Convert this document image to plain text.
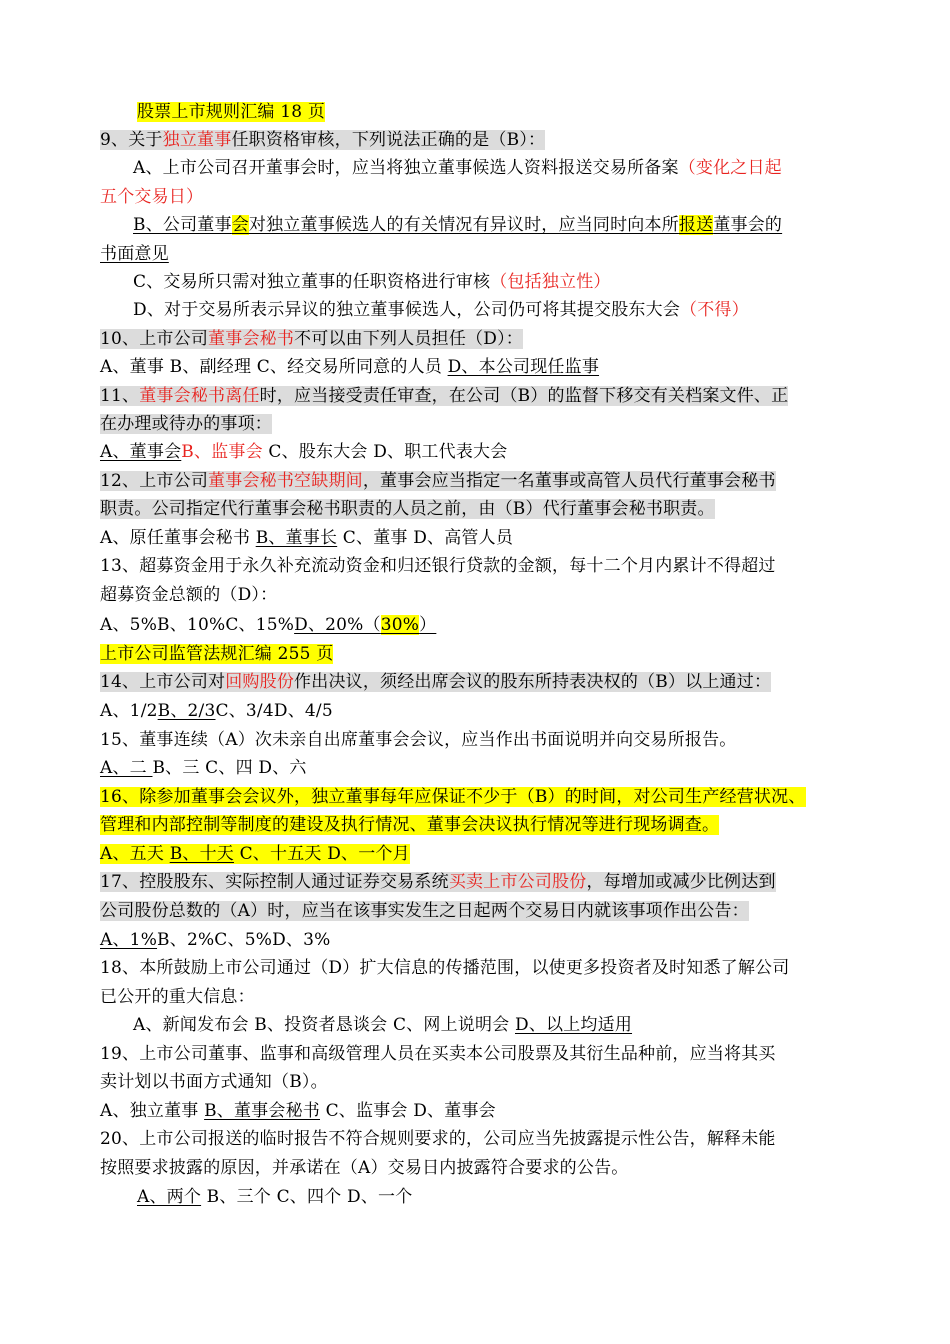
股票上市规则汇编 18 页
9、关于独立董事任职资格审核，下列说法正确的是（B）：
A、上市公司召开董事会时，应当将独立董事候选人资料报送交易所备案（变化之日起
五个交易日）
B、公司董事会对独立董事候选人的有关情况有异议时，应当同时向本所报送董事会的
书面意见
C、交易所只需对独立董事的任职资格进行审核（包括独立性）
D、对于交易所表示异议的独立董事候选人，公司仍可将其提交股东大会（不得）
10、上市公司董事会秘书不可以由下列人员担任（D）：
A、董事 B、副经理 C、经交易所同意的人员 D、本公司现任监事
11、董事会秘书离任时，应当接受责任审查，在公司（B）的监督下移交有关档案文件、正
在办理或待办的事项：
A、董事会B、监事会 C、股东大会 D、职工代表大会
12、上市公司董事会秘书空缺期间，董事会应当指定一名董事或高管人员代行董事会秘书
职责。公司指定代行董事会秘书职责的人员之前，由（B）代行董事会秘书职责。
A、原任董事会秘书 B、董事长 C、董事 D、高管人员
13、超募资金用于永久补充流动资金和归还银行贷款的金额，每十二个月内累计不得超过
超募资金总额的（D）：
A、5%B、10%C、15%D、20%（30%）
上市公司监管法规汇编 255 页
14、上市公司对回购股份作出决议，须经出席会议的股东所持表决权的（B）以上通过：
A、1/2B、2/3C、3/4D、4/5
15、董事连续（A）次未亲自出席董事会会议，应当作出书面说明并向交易所报告。
A、二 B、三 C、四 D、六
16、除参加董事会会议外，独立董事每年应保证不少于（B）的时间，对公司生产经营状况、
管理和内部控制等制度的建设及执行情况、董事会决议执行情况等进行现场调查。
A、五天 B、十天 C、十五天 D、一个月
17、控股股东、实际控制人通过证券交易系统买卖上市公司股份，每增加或减少比例达到
公司股份总数的（A）时，应当在该事实发生之日起两个交易日内就该事项作出公告：
A、1%B、2%C、5%D、3%
18、本所鼓励上市公司通过（D）扩大信息的传播范围，以使更多投资者及时知悉了解公司
已公开的重大信息：
A、新闻发布会 B、投资者恳谈会 C、网上说明会 D、以上均适用
19、上市公司董事、监事和高级管理人员在买卖本公司股票及其衍生品种前，应当将其买
卖计划以书面方式通知（B）。
A、独立董事 B、董事会秘书 C、监事会 D、董事会
20、上市公司报送的临时报告不符合规则要求的，公司应当先披露提示性公告，解释未能
按照要求披露的原因，并承诺在（A）交易日内披露符合要求的公告。
A、两个 B、三个 C、四个 D、一个
